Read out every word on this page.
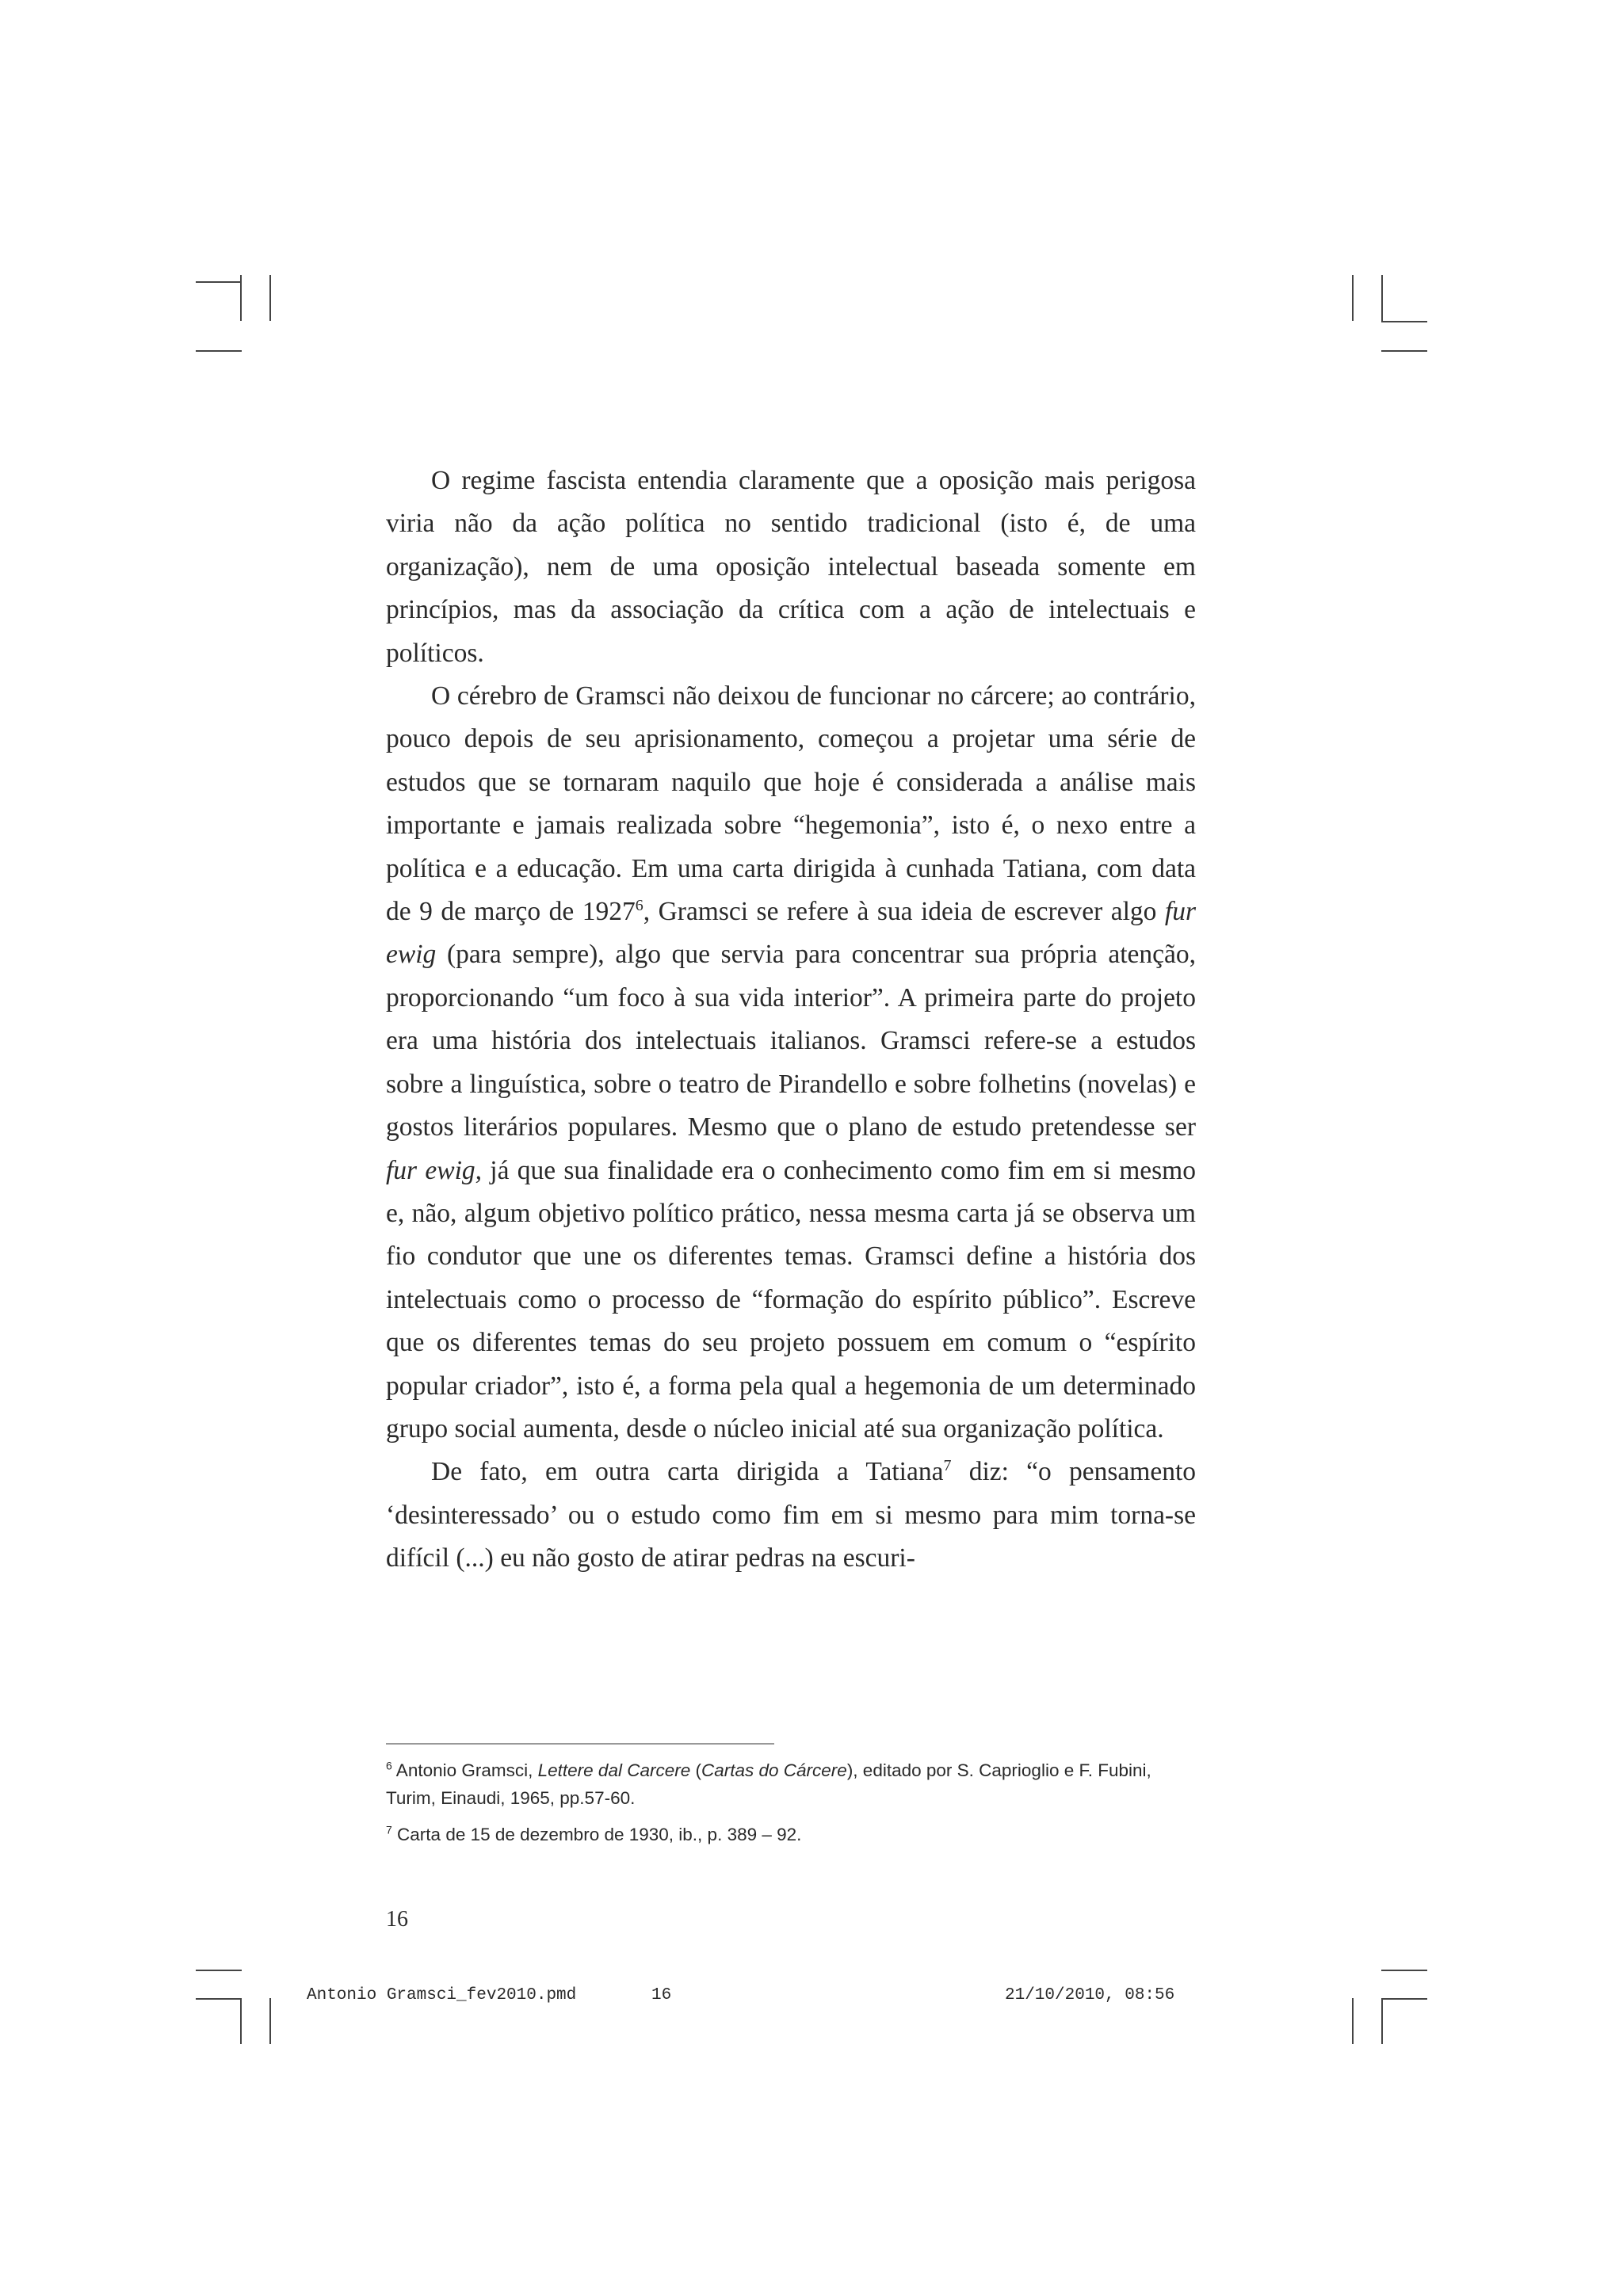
O regime fascista entendia claramente que a oposição mais perigosa viria não da ação política no sentido tradicional (isto é, de uma organização), nem de uma oposição intelectual baseada somente em princípios, mas da associação da crítica com a ação de intelectuais e políticos.

O cérebro de Gramsci não deixou de funcionar no cárcere; ao contrário, pouco depois de seu aprisionamento, começou a projetar uma série de estudos que se tornaram naquilo que hoje é considerada a análise mais importante e jamais realizada sobre “hegemonia”, isto é, o nexo entre a política e a educação. Em uma carta dirigida à cunhada Tatiana, com data de 9 de março de 1927$^6$, Gramsci se refere à sua ideia de escrever algo fur ewig (para sempre), algo que servia para concentrar sua própria atenção, proporcionando “um foco à sua vida interior”. A primeira parte do projeto era uma história dos intelectuais italianos. Gramsci refere-se a estudos sobre a linguística, sobre o teatro de Pirandello e sobre folhetins (novelas) e gostos literários populares. Mesmo que o plano de estudo pretendesse ser fur ewig, já que sua finalidade era o conhecimento como fim em si mesmo e, não, algum objetivo político prático, nessa mesma carta já se observa um fio condutor que une os diferentes temas. Gramsci define a história dos intelectuais como o processo de “formação do espírito público”. Escreve que os diferentes temas do seu projeto possuem em comum o “espírito popular criador”, isto é, a forma pela qual a hegemonia de um determinado grupo social aumenta, desde o núcleo inicial até sua organização política.

De fato, em outra carta dirigida a Tatiana$^7$ diz: “o pensamento ‘desinteressado’ ou o estudo como fim em si mesmo para mim torna-se difícil (...) eu não gosto de atirar pedras na escuri-

$^6$ Antonio Gramsci, Lettere dal Carcere (Cartas do Cárcere), editado por S. Caprioglio e F. Fubini, Turim, Einaudi, 1965, pp.57-60.

$^7$ Carta de 15 de dezembro de 1930, ib., p. 389 – 92.

16
Antonio Gramsci_fev2010.pmd	16	21/10/2010, 08:56
